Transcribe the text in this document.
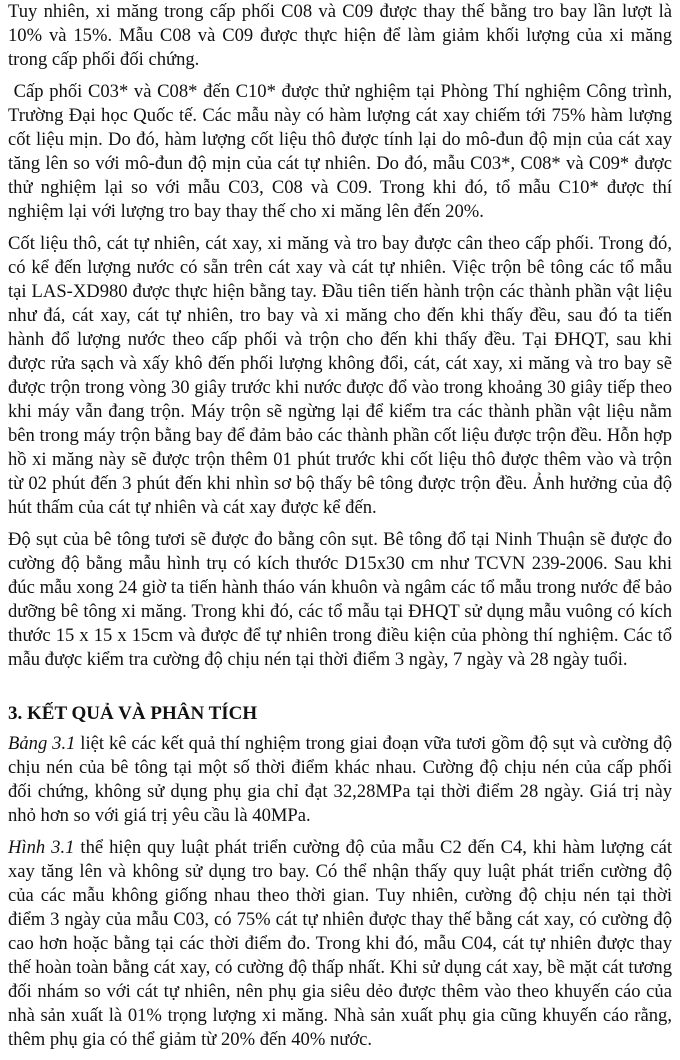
Tuy nhiên, xi măng trong cấp phối C08 và C09 được thay thế bằng tro bay lần lượt là 10% và 15%. Mẫu C08 và C09 được thực hiện để làm giảm khối lượng của xi măng trong cấp phối đối chứng.

Cấp phối C03* và C08* đến C10* được thử nghiệm tại Phòng Thí nghiệm Công trình, Trường Đại học Quốc tế. Các mẫu này có hàm lượng cát xay chiếm tới 75% hàm lượng cốt liệu mịn. Do đó, hàm lượng cốt liệu thô được tính lại do mô-đun độ mịn của cát xay tăng lên so với mô-đun độ mịn của cát tự nhiên. Do đó, mẫu C03*, C08* và C09* được thử nghiệm lại so với mẫu C03, C08 và C09. Trong khi đó, tổ mẫu C10* được thí nghiệm lại với lượng tro bay thay thế cho xi măng lên đến 20%.

Cốt liệu thô, cát tự nhiên, cát xay, xi măng và tro bay được cân theo cấp phối. Trong đó, có kể đến lượng nước có sẵn trên cát xay và cát tự nhiên. Việc trộn bê tông các tổ mẫu tại LAS-XD980 được thực hiện bằng tay. Đầu tiên tiến hành trộn các thành phần vật liệu như đá, cát xay, cát tự nhiên, tro bay và xi măng cho đến khi thấy đều, sau đó ta tiến hành đổ lượng nước theo cấp phối và trộn cho đến khi thấy đều. Tại ĐHQT, sau khi được rửa sạch và xấy khô đến phối lượng không đổi, cát, cát xay, xi măng và tro bay sẽ được trộn trong vòng 30 giây trước khi nước được đổ vào trong khoảng 30 giây tiếp theo khi máy vẫn đang trộn. Máy trộn sẽ ngừng lại để kiểm tra các thành phần vật liệu nằm bên trong máy trộn bằng bay để đảm bảo các thành phần cốt liệu được trộn đều. Hỗn hợp hồ xi măng này sẽ được trộn thêm 01 phút trước khi cốt liệu thô được thêm vào và trộn từ 02 phút đến 3 phút đến khi nhìn sơ bộ thấy bê tông được trộn đều. Ảnh hưởng của độ hút thấm của cát tự nhiên và cát xay được kể đến.

Độ sụt của bê tông tươi sẽ được đo bằng côn sụt. Bê tông đổ tại Ninh Thuận sẽ được đo cường độ bằng mẫu hình trụ có kích thước D15x30 cm như TCVN 239-2006. Sau khi đúc mẫu xong 24 giờ ta tiến hành tháo ván khuôn và ngâm các tổ mẫu trong nước để bảo dưỡng bê tông xi măng. Trong khi đó, các tổ mẫu tại ĐHQT sử dụng mẫu vuông có kích thước 15 x 15 x 15cm và được để tự nhiên trong điều kiện của phòng thí nghiệm. Các tổ mẫu được kiểm tra cường độ chịu nén tại thời điểm 3 ngày, 7 ngày và 28 ngày tuổi.

3. KẾT QUẢ VÀ PHÂN TÍCH

Bảng 3.1 liệt kê các kết quả thí nghiệm trong giai đoạn vữa tươi gồm độ sụt và cường độ chịu nén của bê tông tại một số thời điểm khác nhau. Cường độ chịu nén của cấp phối đối chứng, không sử dụng phụ gia chỉ đạt 32,28MPa tại thời điểm 28 ngày. Giá trị này nhỏ hơn so với giá trị yêu cầu là 40MPa.

Hình 3.1 thể hiện quy luật phát triển cường độ của mẫu C2 đến C4, khi hàm lượng cát xay tăng lên và không sử dụng tro bay. Có thể nhận thấy quy luật phát triển cường độ của các mẫu không giống nhau theo thời gian. Tuy nhiên, cường độ chịu nén tại thời điểm 3 ngày của mẫu C03, có 75% cát tự nhiên được thay thế bằng cát xay, có cường độ cao hơn hoặc bằng tại các thời điểm đo. Trong khi đó, mẫu C04, cát tự nhiên được thay thế hoàn toàn bằng cát xay, có cường độ thấp nhất. Khi sử dụng cát xay, bề mặt cát tương đối nhám so với cát tự nhiên, nên phụ gia siêu dẻo được thêm vào theo khuyến cáo của nhà sản xuất là 01% trọng lượng xi măng. Nhà sản xuất phụ gia cũng khuyến cáo rằng, thêm phụ gia có thể giảm từ 20% đến 40% nước.
